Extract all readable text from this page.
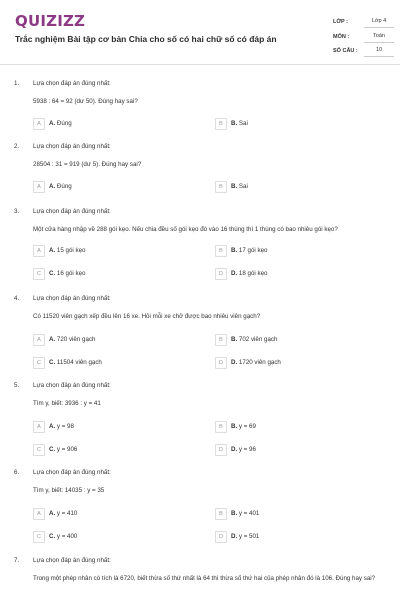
QUIZIZZ
Trắc nghiệm Bài tập cơ bản Chia cho số có hai chữ số có đáp án
LỚP :	Lớp 4
MÔN :	Toán
SỐ CÂU :	10
1. Lựa chọn đáp án đúng nhất:
5938 : 64 = 92 (dư 50). Đúng hay sai?
A	A. Đúng	B	B. Sai
2. Lựa chọn đáp án đúng nhất:
28504 : 31 = 919 (dư 5). Đúng hay sai?
A	A. Đúng	B	B. Sai
3. Lựa chọn đáp án đúng nhất:
Một cửa hàng nhập về 288 gói kẹo. Nếu chia đều số gói kẹo đó vào 16 thùng thì 1 thùng có bao nhiêu gói kẹo?
A	A. 15 gói kẹo	B	B. 17 gói kẹo
C	C. 16 gói kẹo	D	D. 18 gói kẹo
4. Lựa chọn đáp án đúng nhất:
Có 11520 viên gạch xếp đều lên 16 xe. Hỏi mỗi xe chở được bao nhiêu viên gạch?
A	A. 720 viên gạch	B	B. 702 viên gạch
C	C. 11504 viên gạch	D	D. 1720 viên gạch
5. Lựa chọn đáp án đúng nhất:
Tìm y, biết: 3936 : y = 41
A	A. y = 98	B	B. y = 69
C	C. y = 906	D	D. y = 96
6. Lựa chọn đáp án đúng nhất:
Tìm y, biết: 14035 : y = 35
A	A. y = 410	B	B. y = 401
C	C. y = 400	D	D. y = 501
7. Lựa chọn đáp án đúng nhất:
Trong một phép nhân có tích là 6720, biết thừa số thứ nhất là 64 thì thừa số thứ hai của phép nhân đó là 106. Đúng hay sai?
